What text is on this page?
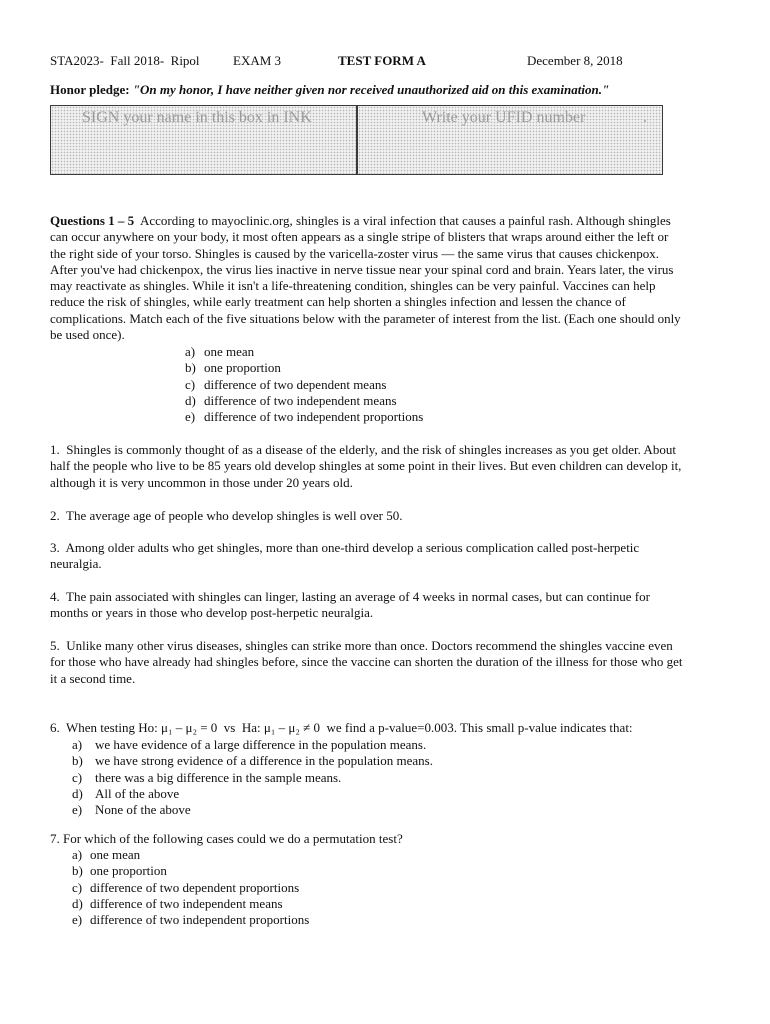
STA2023-  Fall 2018-  Ripol	EXAM 3	TEST FORM A	December 8, 2018
Honor pledge: "On my honor, I have neither given nor received unauthorized aid on this examination."
SIGN your name in this box in INK	Write your UFID number	.
Questions 1 – 5  According to mayoclinic.org, shingles is a viral infection that causes a painful rash. Although shingles
can occur anywhere on your body, it most often appears as a single stripe of blisters that wraps around either the left or
the right side of your torso. Shingles is caused by the varicella-zoster virus — the same virus that causes chickenpox.
After you've had chickenpox, the virus lies inactive in nerve tissue near your spinal cord and brain. Years later, the virus
may reactivate as shingles. While it isn't a life-threatening condition, shingles can be very painful. Vaccines can help
reduce the risk of shingles, while early treatment can help shorten a shingles infection and lessen the chance of
complications. Match each of the five situations below with the parameter of interest from the list. (Each one should only
be used once).
a) one mean
b) one proportion
c) difference of two dependent means
d) difference of two independent means
e) difference of two independent proportions
1.  Shingles is commonly thought of as a disease of the elderly, and the risk of shingles increases as you get older. About
half the people who live to be 85 years old develop shingles at some point in their lives. But even children can develop it,
although it is very uncommon in those under 20 years old.
2.  The average age of people who develop shingles is well over 50.
3.  Among older adults who get shingles, more than one-third develop a serious complication called post-herpetic
neuralgia.
4.  The pain associated with shingles can linger, lasting an average of 4 weeks in normal cases, but can continue for
months or years in those who develop post-herpetic neuralgia.
5.  Unlike many other virus diseases, shingles can strike more than once. Doctors recommend the shingles vaccine even
for those who have already had shingles before, since the vaccine can shorten the duration of the illness for those who get
it a second time.
6.  When testing Ho: μ₁ – μ₂ = 0  vs  Ha: μ₁ – μ₂ ≠ 0  we find a p-value=0.003. This small p-value indicates that:
a) we have evidence of a large difference in the population means.
b) we have strong evidence of a difference in the population means.
c) there was a big difference in the sample means.
d) All of the above
e) None of the above
7. For which of the following cases could we do a permutation test?
a) one mean
b) one proportion
c) difference of two dependent proportions
d) difference of two independent means
e) difference of two independent proportions
